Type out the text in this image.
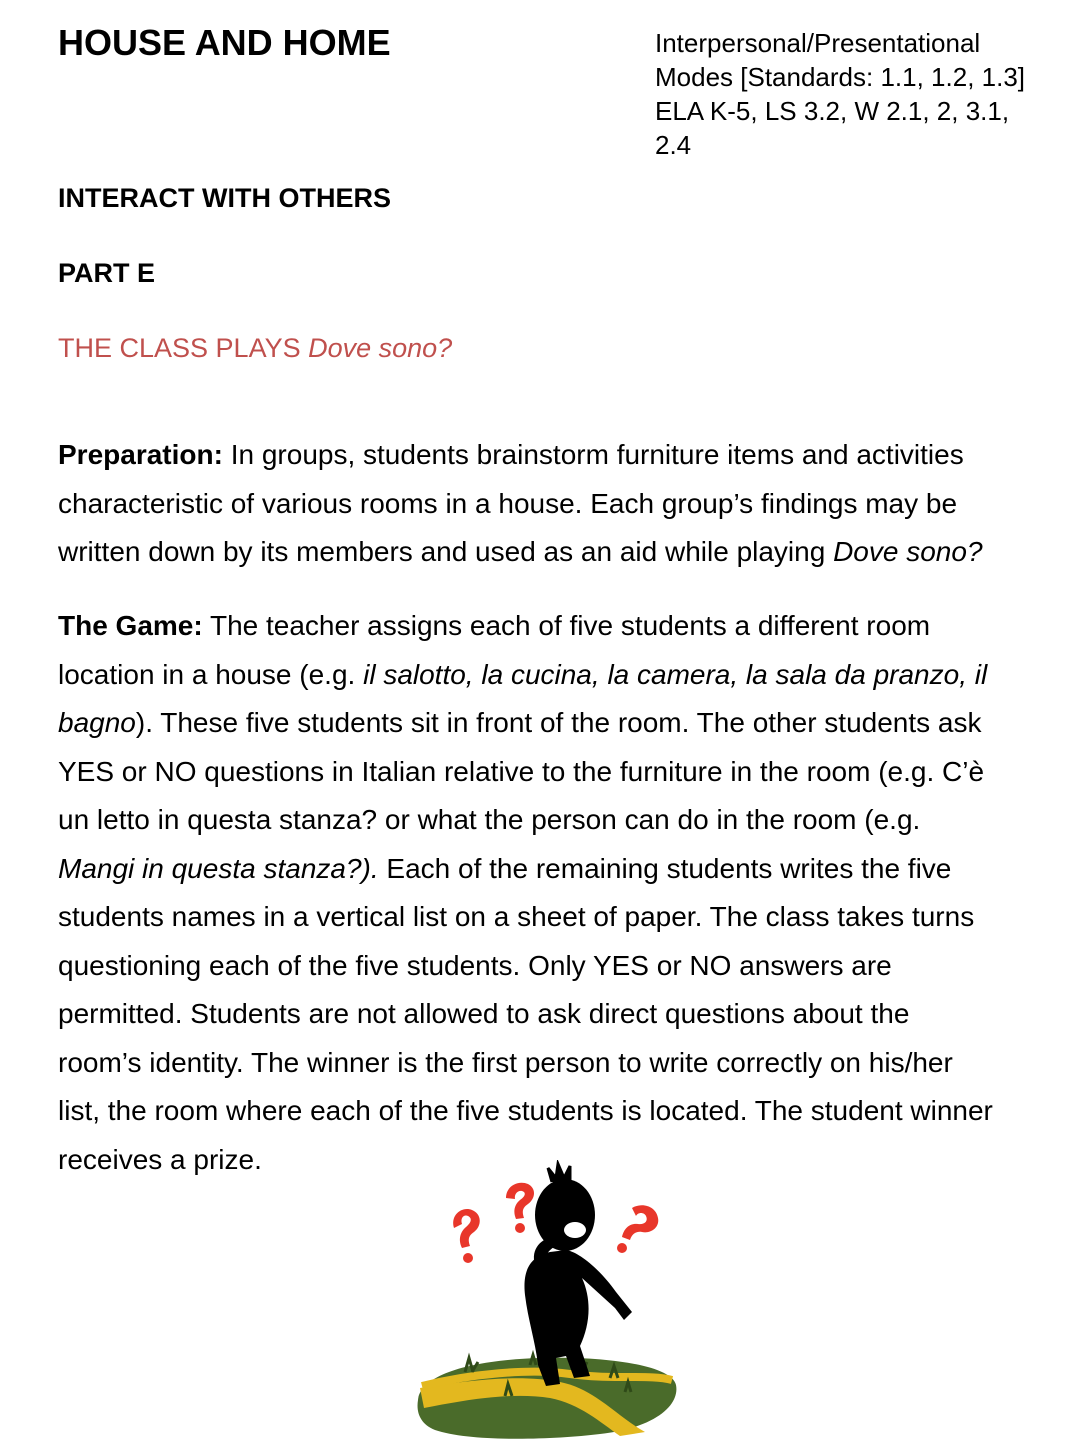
HOUSE AND HOME	Interpersonal/Presentational
Modes [Standards: 1.1, 1.2, 1.3]
ELA K-5, LS 3.2, W 2.1, 2, 3.1,
2.4
INTERACT WITH OTHERS
PART E

THE CLASS PLAYS Dove sono?

Preparation: In groups, students brainstorm furniture items and activities
characteristic of various rooms in a house. Each group’s findings may be
written down by its members and used as an aid while playing Dove sono?
The Game: The teacher assigns each of five students a different room
location in a house (e.g. il salotto, la cucina, la camera, la sala da pranzo, il
bagno). These five students sit in front of the room. The other students ask
YES or NO questions in Italian relative to the furniture in the room (e.g. C’è
un letto in questa stanza? or what the person can do in the room (e.g.
Mangi in questa stanza?). Each of the remaining students writes the five
students names in a vertical list on a sheet of paper. The class takes turns
questioning each of the five students. Only YES or NO answers are
permitted. Students are not allowed to ask direct questions about the
room’s identity. The winner is the first person to write correctly on his/her
list, the room where each of the five students is located. The student winner
receives a prize.
